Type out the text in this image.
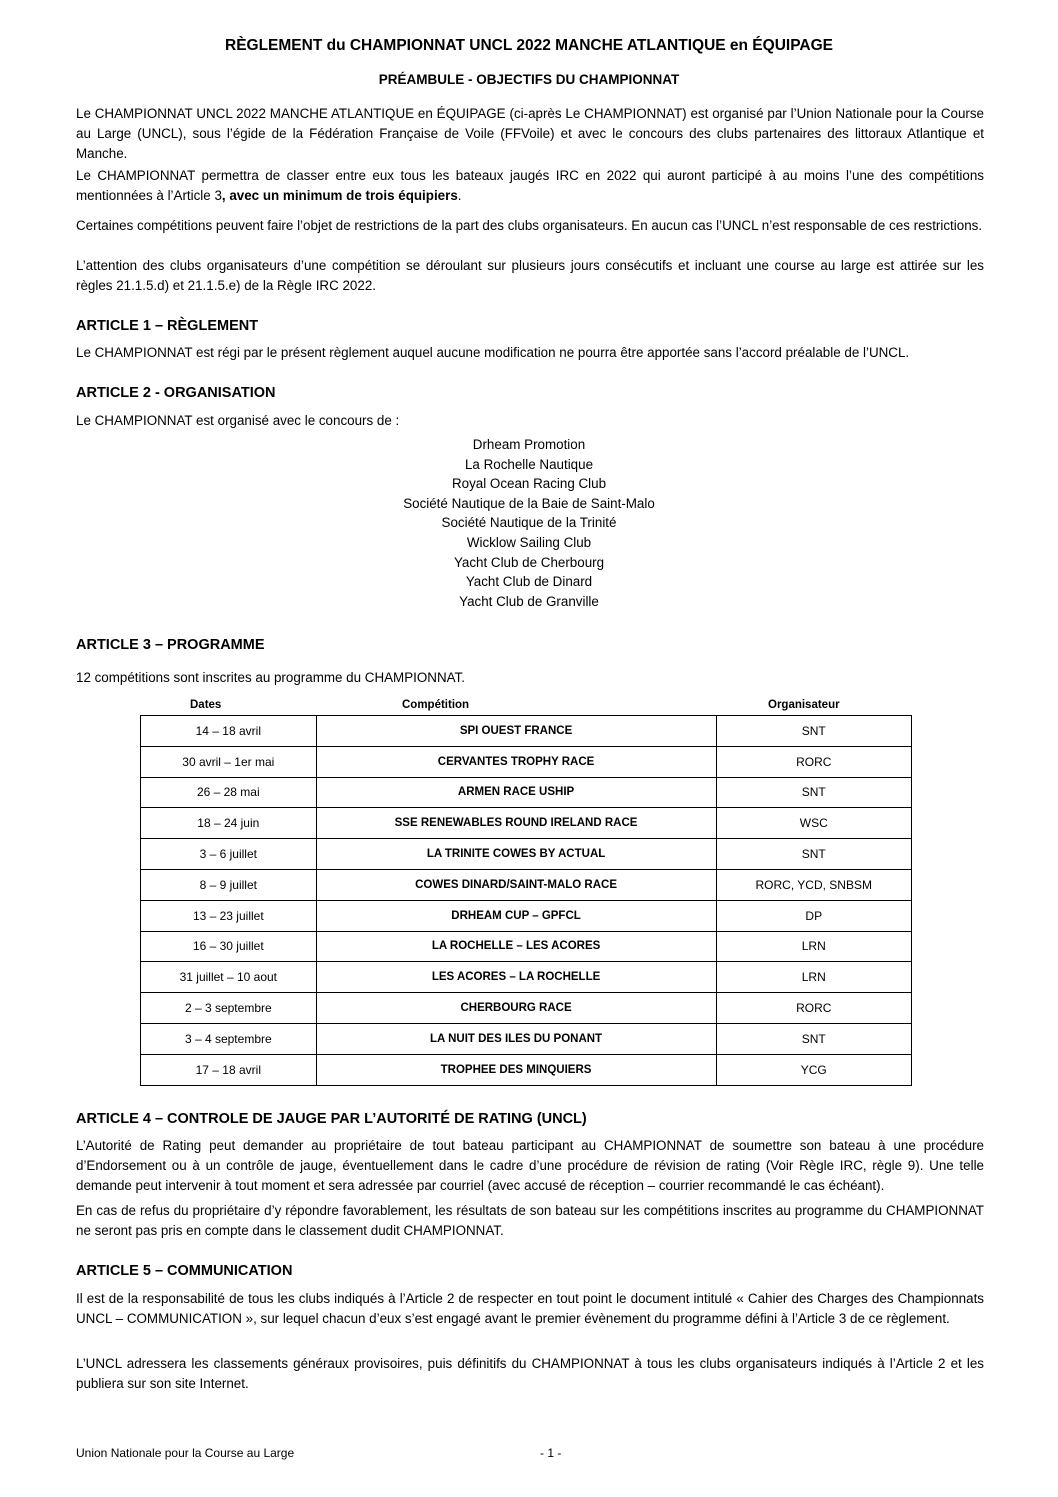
RÈGLEMENT du CHAMPIONNAT UNCL 2022 MANCHE ATLANTIQUE en ÉQUIPAGE
PRÉAMBULE - OBJECTIFS DU CHAMPIONNAT
Le CHAMPIONNAT UNCL 2022 MANCHE ATLANTIQUE en ÉQUIPAGE (ci-après Le CHAMPIONNAT) est organisé par l’Union Nationale pour la Course au Large (UNCL), sous l’égide de la Fédération Française de Voile (FFVoile) et avec le concours des clubs partenaires des littoraux Atlantique et Manche.
Le CHAMPIONNAT permettra de classer entre eux tous les bateaux jaugés IRC en 2022 qui auront participé à au moins l’une des compétitions mentionnées à l’Article 3, avec un minimum de trois équipiers.
Certaines compétitions peuvent faire l’objet de restrictions de la part des clubs organisateurs. En aucun cas l’UNCL n’est responsable de ces restrictions.
L’attention des clubs organisateurs d’une compétition se déroulant sur plusieurs jours consécutifs et incluant une course au large est attirée sur les règles 21.1.5.d) et 21.1.5.e) de la Règle IRC 2022.
ARTICLE 1 – RÈGLEMENT
Le CHAMPIONNAT est régi par le présent règlement auquel aucune modification ne pourra être apportée sans l’accord préalable de l’UNCL.
ARTICLE 2 - ORGANISATION
Le CHAMPIONNAT est organisé avec le concours de :
Drheam Promotion
La Rochelle Nautique
Royal Ocean Racing Club
Société Nautique de la Baie de Saint-Malo
Société Nautique de la Trinité
Wicklow Sailing Club
Yacht Club de Cherbourg
Yacht Club de Dinard
Yacht Club de Granville
ARTICLE 3 – PROGRAMME
12 compétitions sont inscrites au programme du CHAMPIONNAT.
Dates	Compétition	Organisateur
14 – 18 avril	SPI OUEST FRANCE	SNT
30 avril – 1er mai	CERVANTES TROPHY RACE	RORC
26 – 28 mai	ARMEN RACE USHIP	SNT
18 – 24 juin	SSE RENEWABLES ROUND IRELAND RACE	WSC
3 – 6 juillet	LA TRINITE COWES BY ACTUAL	SNT
8 – 9 juillet	COWES DINARD/SAINT-MALO RACE	RORC, YCD, SNBSM
13 – 23 juillet	DRHEAM CUP – GPFCL	DP
16 – 30 juillet	LA ROCHELLE – LES ACORES	LRN
31 juillet – 10 aout	LES ACORES – LA ROCHELLE	LRN
2 – 3 septembre	CHERBOURG RACE	RORC
3 – 4 septembre	LA NUIT DES ILES DU PONANT	SNT
17 – 18 avril	TROPHEE DES MINQUIERS	YCG
ARTICLE 4 – CONTROLE DE JAUGE PAR L’AUTORITÉ DE RATING (UNCL)
L’Autorité de Rating peut demander au propriétaire de tout bateau participant au CHAMPIONNAT de soumettre son bateau à une procédure d’Endorsement ou à un contrôle de jauge, éventuellement dans le cadre d’une procédure de révision de rating (Voir Règle IRC, règle 9). Une telle demande peut intervenir à tout moment et sera adressée par courriel (avec accusé de réception – courrier recommandé le cas échéant).
En cas de refus du propriétaire d’y répondre favorablement, les résultats de son bateau sur les compétitions inscrites au programme du CHAMPIONNAT ne seront pas pris en compte dans le classement dudit CHAMPIONNAT.
ARTICLE 5 – COMMUNICATION
Il est de la responsabilité de tous les clubs indiqués à l’Article 2 de respecter en tout point le document intitulé « Cahier des Charges des Championnats UNCL – COMMUNICATION », sur lequel chacun d’eux s’est engagé avant le premier évènement du programme défini à l’Article 3 de ce règlement.
L’UNCL adressera les classements généraux provisoires, puis définitifs du CHAMPIONNAT à tous les clubs organisateurs indiqués à l’Article 2 et les publiera sur son site Internet.
Union Nationale pour la Course au Large	- 1 -
